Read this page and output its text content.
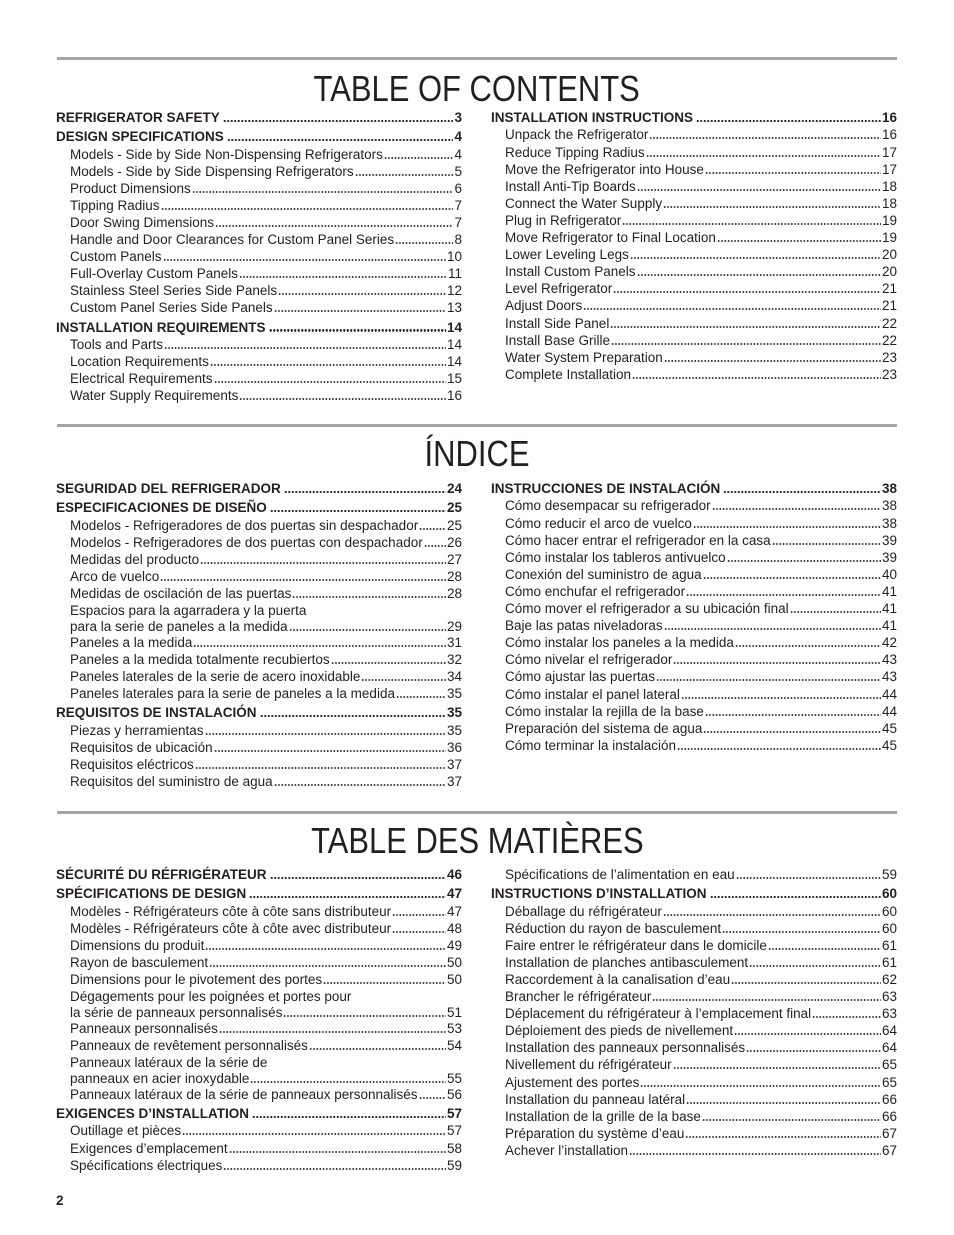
TABLE OF CONTENTS
REFRIGERATOR SAFETY	3
DESIGN SPECIFICATIONS	4
Models - Side by Side Non-Dispensing Refrigerators	4
Models - Side by Side Dispensing Refrigerators	5
Product Dimensions	6
Tipping Radius	7
Door Swing Dimensions	7
Handle and Door Clearances for Custom Panel Series	8
Custom Panels	10
Full-Overlay Custom Panels	11
Stainless Steel Series Side Panels	12
Custom Panel Series Side Panels	13
INSTALLATION REQUIREMENTS	14
Tools and Parts	14
Location Requirements	14
Electrical Requirements	15
Water Supply Requirements	16
INSTALLATION INSTRUCTIONS	16
Unpack the Refrigerator	16
Reduce Tipping Radius	17
Move the Refrigerator into House	17
Install Anti-Tip Boards	18
Connect the Water Supply	18
Plug in Refrigerator	19
Move Refrigerator to Final Location	19
Lower Leveling Legs	20
Install Custom Panels	20
Level Refrigerator	21
Adjust Doors	21
Install Side Panel	22
Install Base Grille	22
Water System Preparation	23
Complete Installation	23
ÍNDICE
SEGURIDAD DEL REFRIGERADOR	24
ESPECIFICACIONES DE DISEÑO	25
Modelos - Refrigeradores de dos puertas sin despachador 25
Modelos - Refrigeradores de dos puertas con despachador 26
Medidas del producto	27
Arco de vuelco	28
Medidas de oscilación de las puertas	28
Espacios para la agarradera y la puerta
para la serie de paneles a la medida	29
Paneles a la medida	31
Paneles a la medida totalmente recubiertos	32
Paneles laterales de la serie de acero inoxidable	34
Paneles laterales para la serie de paneles a la medida	35
REQUISITOS DE INSTALACIÓN	35
Piezas y herramientas	35
Requisitos de ubicación	36
Requisitos eléctricos	37
Requisitos del suministro de agua	37
INSTRUCCIONES DE INSTALACIÓN	38
Cómo desempacar su refrigerador	38
Cómo reducir el arco de vuelco	38
Cómo hacer entrar el refrigerador en la casa	39
Cómo instalar los tableros antivuelco	39
Conexión del suministro de agua	40
Cómo enchufar el refrigerador	41
Cómo mover el refrigerador a su ubicación final	41
Baje las patas niveladoras	41
Cómo instalar los paneles a la medida	42
Cómo nivelar el refrigerador	43
Cómo ajustar las puertas	43
Cómo instalar el panel lateral	44
Cómo instalar la rejilla de la base	44
Preparación del sistema de agua	45
Cómo terminar la instalación	45
TABLE DES MATIÈRES
SÉCURITÉ DU RÉFRIGÉRATEUR	46
SPÉCIFICATIONS DE DESIGN	47
Modèles - Réfrigérateurs côte à côte sans distributeur	47
Modèles - Réfrigérateurs côte à côte avec distributeur	48
Dimensions du produit	49
Rayon de basculement	50
Dimensions pour le pivotement des portes	50
Dégagements pour les poignées et portes pour
la série de panneaux personnalisés	51
Panneaux personnalisés	53
Panneaux de revêtement personnalisés	54
Panneaux latéraux de la série de
panneaux en acier inoxydable	55
Panneaux latéraux de la série de panneaux personnalisés 56
EXIGENCES D’INSTALLATION	57
Outillage et pièces	57
Exigences d’emplacement	58
Spécifications électriques	59
Spécifications de l’alimentation en eau	59
INSTRUCTIONS D’INSTALLATION	60
Déballage du réfrigérateur	60
Réduction du rayon de basculement	60
Faire entrer le réfrigérateur dans le domicile	61
Installation de planches antibasculement	61
Raccordement à la canalisation d’eau	62
Brancher le réfrigérateur	63
Déplacement du réfrigérateur à l’emplacement final	63
Déploiement des pieds de nivellement	64
Installation des panneaux personnalisés	64
Nivellement du réfrigérateur	65
Ajustement des portes	65
Installation du panneau latéral	66
Installation de la grille de la base	66
Préparation du système d’eau	67
Achever l’installation	67
2
